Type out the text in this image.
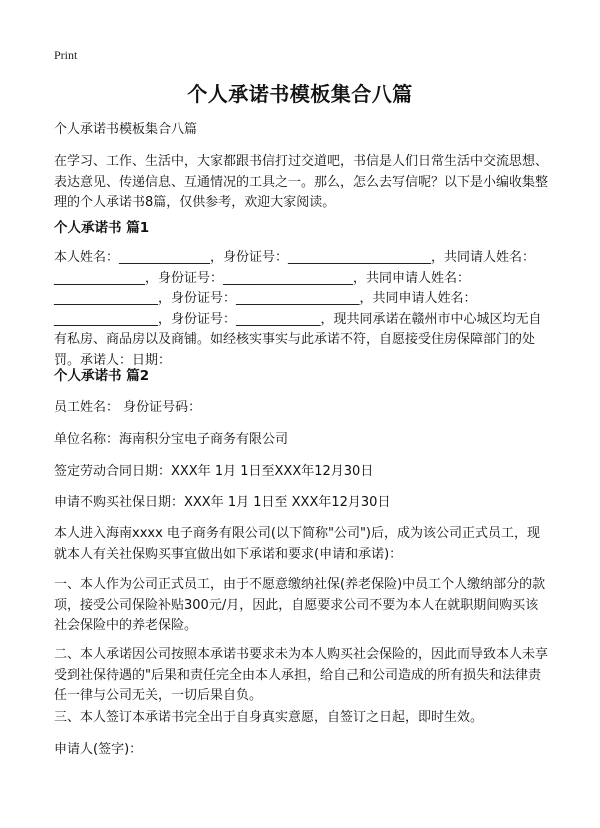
Print
个人承诺书模板集合八篇
个人承诺书模板集合八篇
在学习、工作、生活中，大家都跟书信打过交道吧，书信是人们日常生活中交流思想、表达意见、传递信息、互通情况的工具之一。那么，怎么去写信呢？以下是小编收集整理的个人承诺书8篇，仅供参考，欢迎大家阅读。
个人承诺书 篇1
本人姓名：______________，身份证号：______________________，共同请人姓名：______________，身份证号：____________________，共同申请人姓名：________________，身份证号：___________________，共同申请人姓名：________________，身份证号：_____________，现共同承诺在赣州市中心城区均无自有私房、商品房以及商铺。如经核实事实与此承诺不符，自愿接受住房保障部门的处罚。承诺人：日期：
个人承诺书 篇2
员工姓名： 身份证号码：
单位名称：海南积分宝电子商务有限公司
签定劳动合同日期：XXX年 1月 1日至XXX年12月30日
申请不购买社保日期：XXX年 1月 1日至 XXX年12月30日
本人进入海南xxxx 电子商务有限公司(以下简称"公司")后，成为该公司正式员工，现就本人有关社保购买事宜做出如下承诺和要求(申请和承诺)：
一、本人作为公司正式员工，由于不愿意缴纳社保(养老保险)中员工个人缴纳部分的款项，接受公司保险补贴300元/月，因此，自愿要求公司不要为本人在就职期间购买该社会保险中的养老保险。
二、本人承诺因公司按照本承诺书要求未为本人购买社会保险的，因此而导致本人未享受到社保待遇的"后果和责任完全由本人承担，给自己和公司造成的所有损失和法律责任一律与公司无关，一切后果自负。
三、本人签订本承诺书完全出于自身真实意愿，自签订之日起，即时生效。
申请人(签字)：
